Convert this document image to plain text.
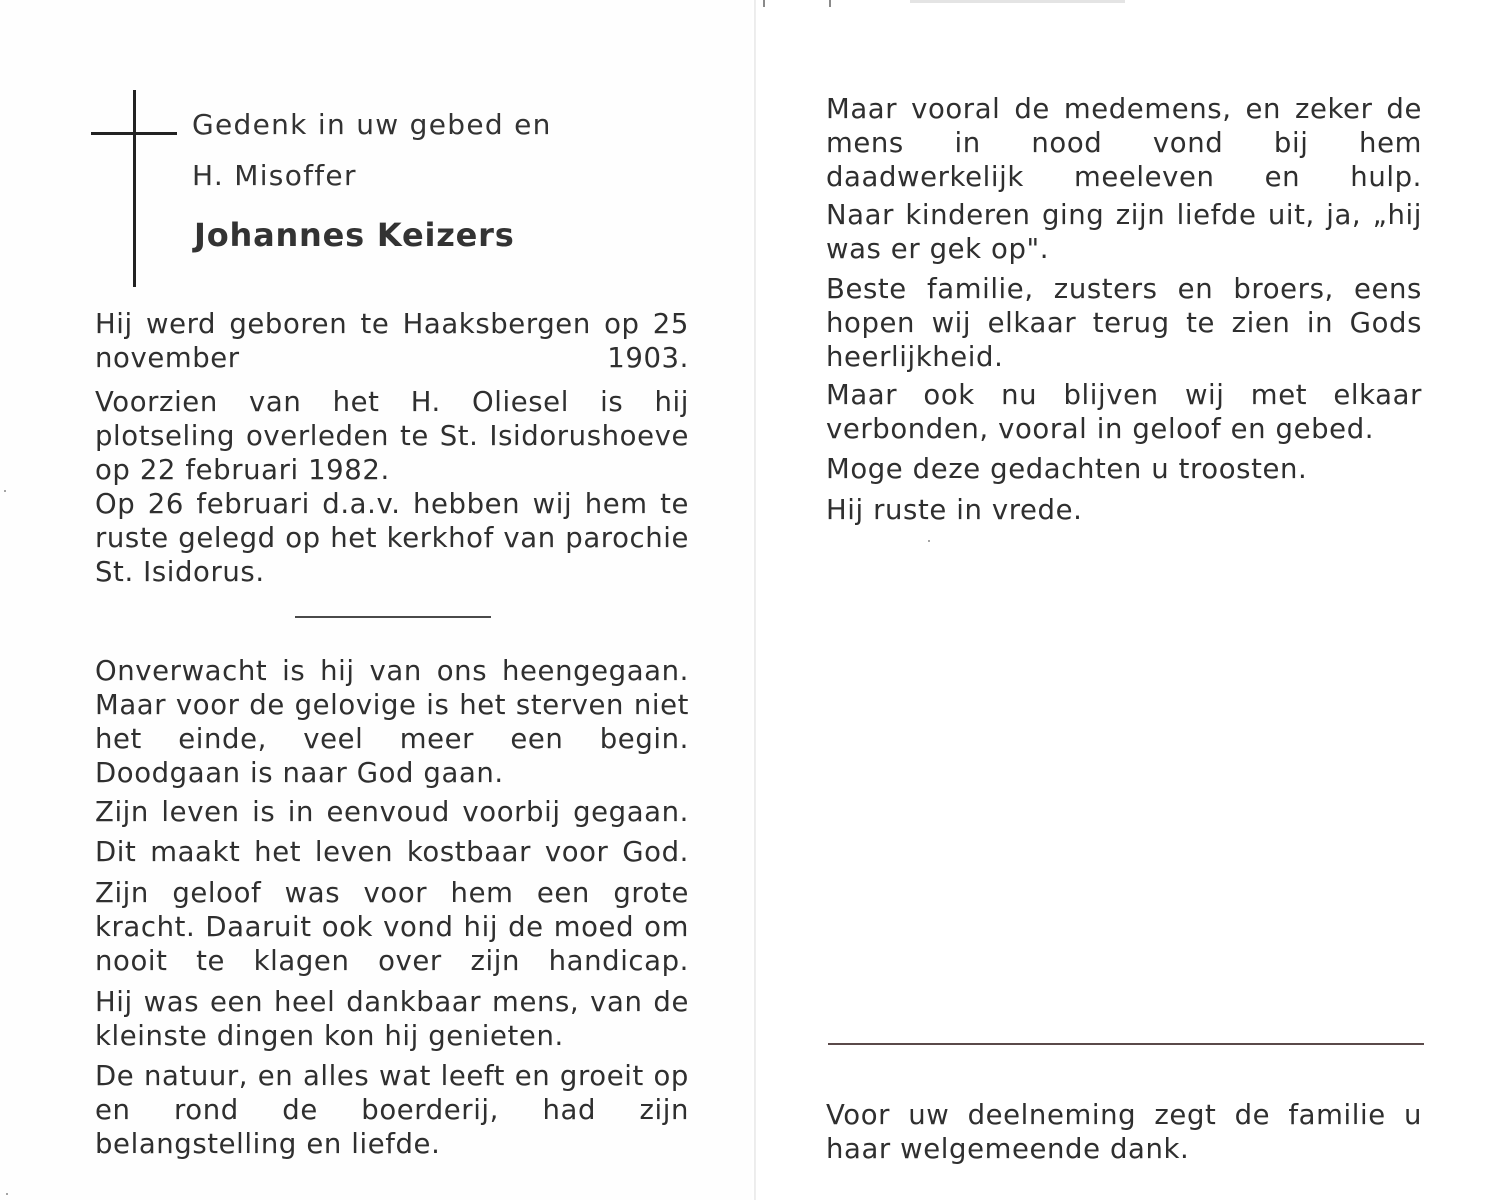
Gedenk in uw gebed en
H. Misoffer
Johannes Keizers

Hij werd geboren te Haaksbergen op 25 november 1903.

Voorzien van het H. Oliesel is hij plotseling overleden te St. Isidorushoeve op 22 februari 1982.

Op 26 februari d.a.v. hebben wij hem te ruste gelegd op het kerkhof van parochie St. Isidorus.

Onverwacht is hij van ons heengegaan. Maar voor de gelovige is het sterven niet het einde, veel meer een begin. Doodgaan is naar God gaan.

Zijn leven is in eenvoud voorbij gegaan.

Dit maakt het leven kostbaar voor God.

Zijn geloof was voor hem een grote kracht. Daaruit ook vond hij de moed om nooit te klagen over zijn handicap.

Hij was een heel dankbaar mens, van de kleinste dingen kon hij genieten.

De natuur, en alles wat leeft en groeit op en rond de boerderij, had zijn belangstelling en liefde.

Maar vooral de medemens, en zeker de mens in nood vond bij hem daadwerkelijk meeleven en hulp.

Naar kinderen ging zijn liefde uit, ja, „hij was er gek op".

Beste familie, zusters en broers, eens hopen wij elkaar terug te zien in Gods heerlijkheid.

Maar ook nu blijven wij met elkaar verbonden, vooral in geloof en gebed.

Moge deze gedachten u troosten.

Hij ruste in vrede.

Voor uw deelneming zegt de familie u haar welgemeende dank.
